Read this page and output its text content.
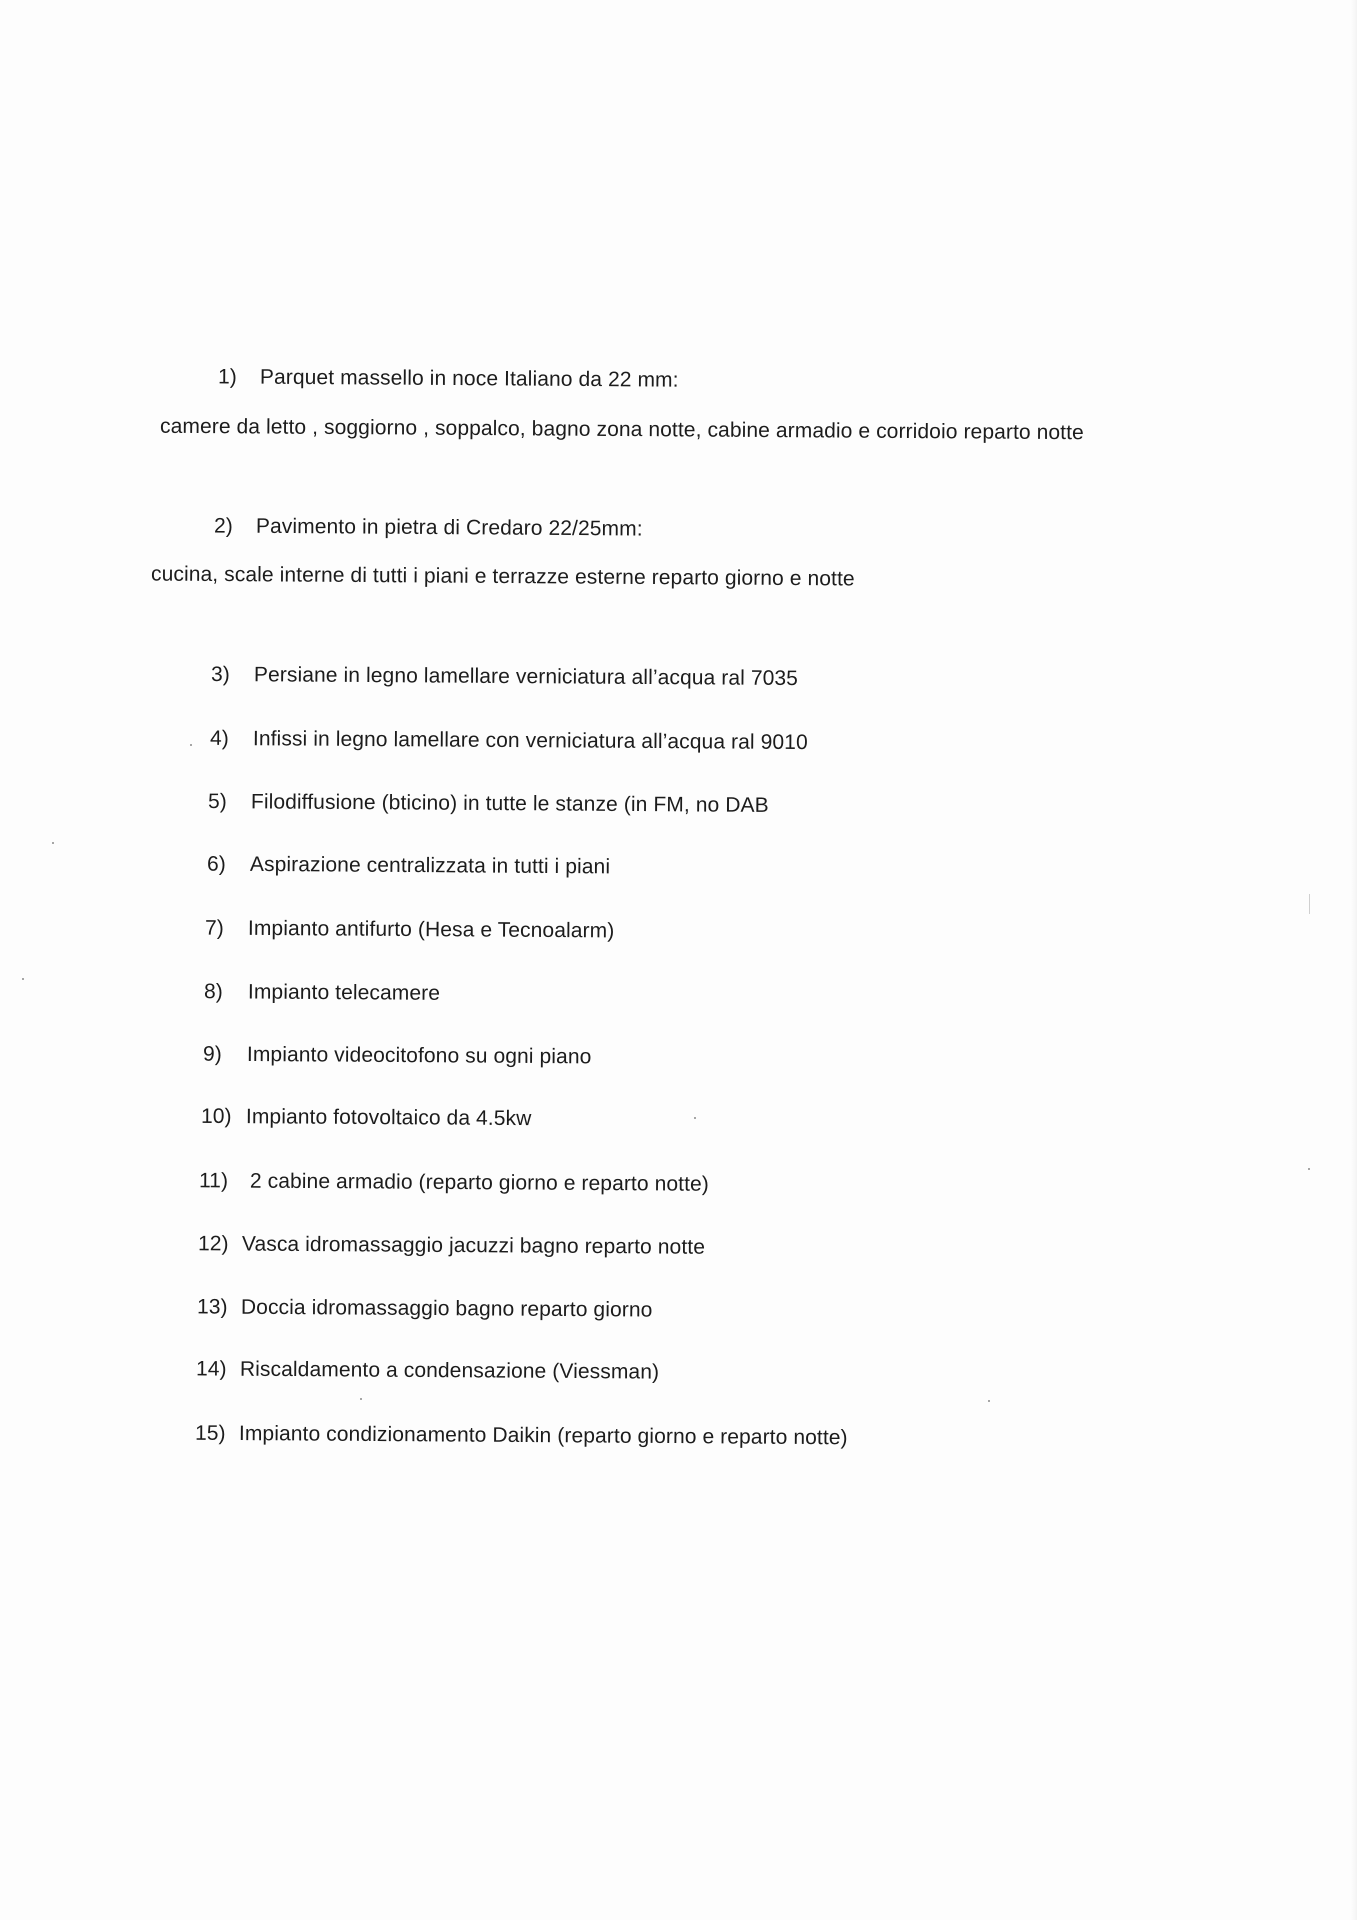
1) Parquet massello in noce Italiano da 22 mm:
camere da letto , soggiorno , soppalco, bagno zona notte, cabine armadio e corridoio reparto notte
2) Pavimento in pietra di Credaro 22/25mm:
cucina, scale interne di tutti i piani e terrazze esterne reparto giorno e notte
3) Persiane in legno lamellare verniciatura all’acqua ral 7035
4) Infissi in legno lamellare con verniciatura all’acqua ral 9010
5) Filodiffusione (bticino) in tutte le stanze (in FM, no DAB
6) Aspirazione centralizzata in tutti i piani
7) Impianto antifurto (Hesa e Tecnoalarm)
8) Impianto telecamere
9) Impianto videocitofono su ogni piano
10) Impianto fotovoltaico da 4.5kw
11) 2 cabine armadio (reparto giorno e reparto notte)
12) Vasca idromassaggio jacuzzi bagno reparto notte
13) Doccia idromassaggio bagno reparto giorno
14) Riscaldamento a condensazione (Viessman)
15) Impianto condizionamento Daikin (reparto giorno e reparto notte)
